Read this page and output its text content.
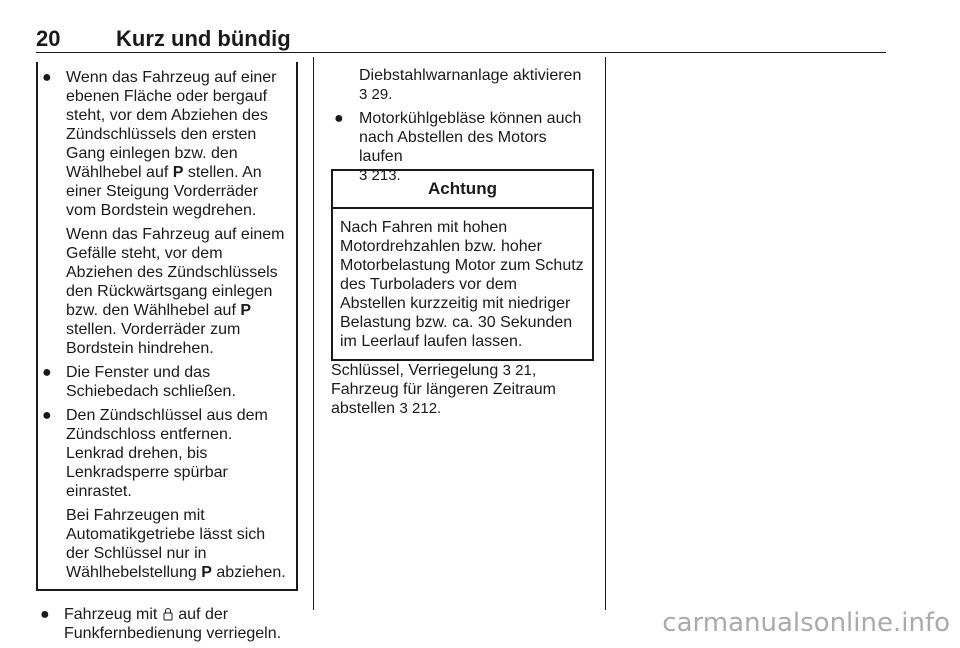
20	Kurz und bündig
● Wenn das Fahrzeug auf einer ebenen Fläche oder bergauf steht, vor dem Abziehen des Zündschlüssels den ersten Gang einlegen bzw. den Wählhebel auf P stellen. An einer Steigung Vorderräder vom Bordstein wegdrehen.
Wenn das Fahrzeug auf einem Gefälle steht, vor dem Abziehen des Zündschlüssels den Rückwärtsgang einlegen bzw. den Wählhebel auf P stellen. Vorderräder zum Bordstein hindrehen.
● Die Fenster und das Schiebedach schließen.
● Den Zündschlüssel aus dem Zündschloss entfernen. Lenkrad drehen, bis Lenkradsperre spürbar einrastet.
Bei Fahrzeugen mit Automatikgetriebe lässt sich der Schlüssel nur in Wählhebelstellung P abziehen.
● Fahrzeug mit  auf der Funkfernbedienung verriegeln.
Diebstahlwarnanlage aktivieren
3 29.
● Motorkühlgebläse können auch nach Abstellen des Motors laufen
3 213.
Achtung
Nach Fahren mit hohen Motordrehzahlen bzw. hoher Motorbelastung Motor zum Schutz des Turboladers vor dem Abstellen kurzzeitig mit niedriger Belastung bzw. ca. 30 Sekunden im Leerlauf laufen lassen.
Schlüssel, Verriegelung 3 21, Fahrzeug für längeren Zeitraum abstellen 3 212.
carmanualsonline.info
